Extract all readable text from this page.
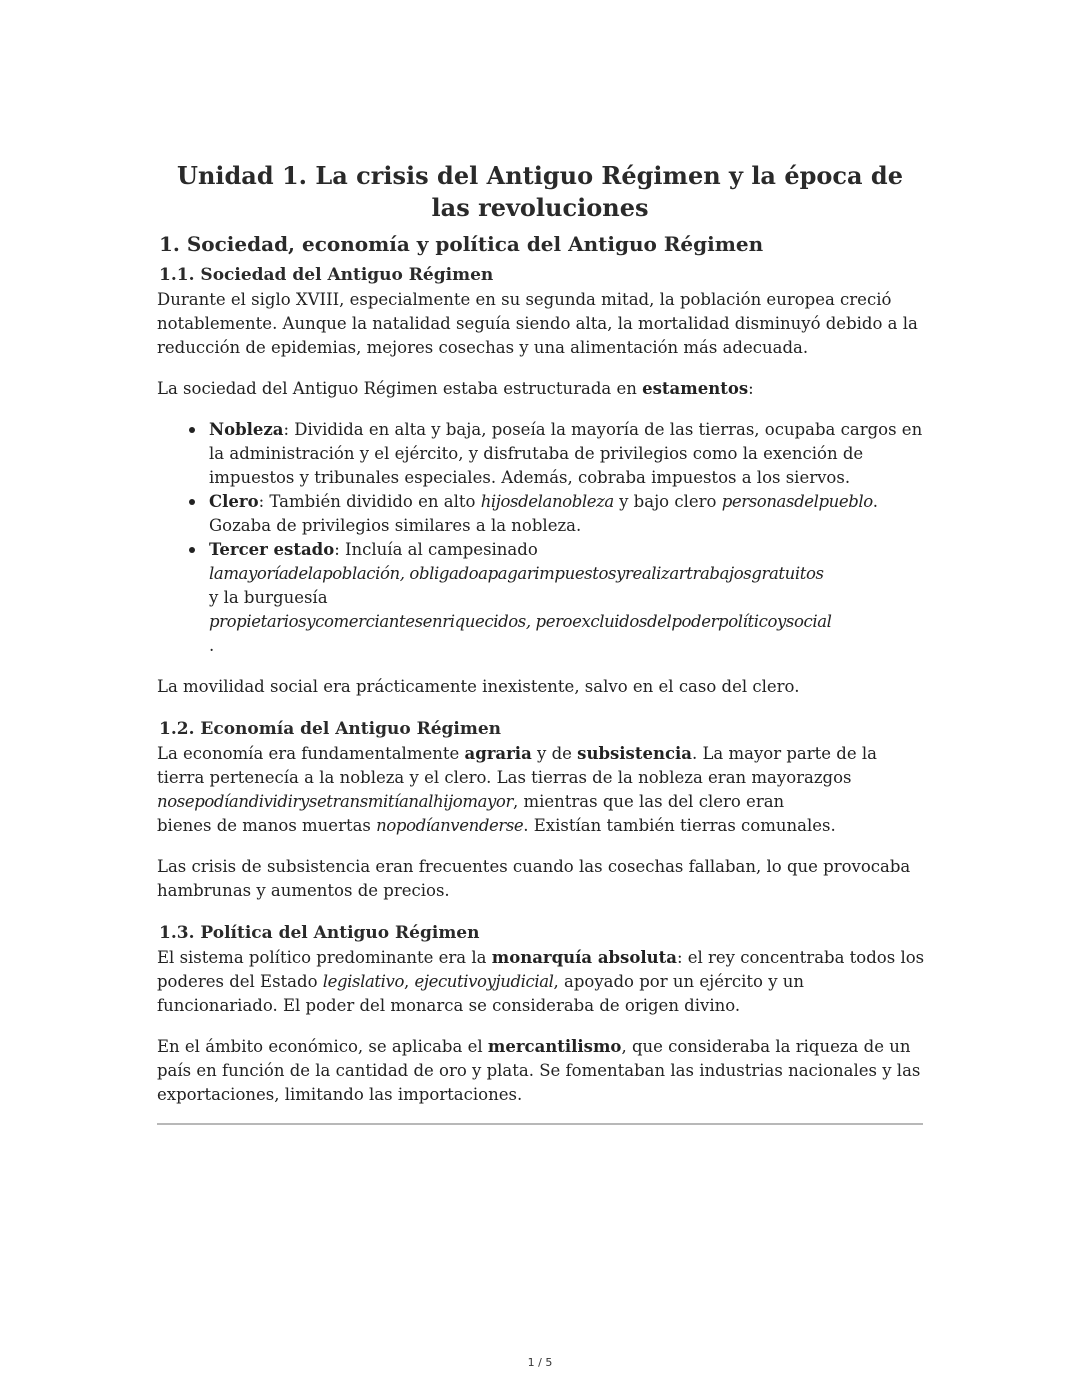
Unidad 1. La crisis del Antiguo Régimen y la época de las revoluciones
1. Sociedad, economía y política del Antiguo Régimen
1.1. Sociedad del Antiguo Régimen

Durante el siglo XVIII, especialmente en su segunda mitad, la población europea creció
notablemente. Aunque la natalidad seguía siendo alta, la mortalidad disminuyó debido a la
reducción de epidemias, mejores cosechas y una alimentación más adecuada.

La sociedad del Antiguo Régimen estaba estructurada en estamentos:

Nobleza: Dividida en alta y baja, poseía la mayoría de las tierras, ocupaba cargos en
la administración y el ejército, y disfrutaba de privilegios como la exención de
impuestos y tribunales especiales. Además, cobraba impuestos a los siervos.
Clero: También dividido en alto hijosdelanobleza y bajo clero personasdelpueblo.
Gozaba de privilegios similares a la nobleza.
Tercer estado: Incluía al campesinado
lamayoríadelapoblación, obligadoapagarimpuestosyrealizartrabajosgratuitos
y la burguesía
propietariosycomerciantesenriquecidos, peroexcluidosdelpoderpolíticoysocial
.

La movilidad social era prácticamente inexistente, salvo en el caso del clero.

1.2. Economía del Antiguo Régimen

La economía era fundamentalmente agraria y de subsistencia. La mayor parte de la
tierra pertenecía a la nobleza y el clero. Las tierras de la nobleza eran mayorazgos
nosepodíandividirysetransmitíanalhijomayor, mientras que las del clero eran
bienes de manos muertas nopodíanvenderse. Existían también tierras comunales.

Las crisis de subsistencia eran frecuentes cuando las cosechas fallaban, lo que provocaba
hambrunas y aumentos de precios.

1.3. Política del Antiguo Régimen

El sistema político predominante era la monarquía absoluta: el rey concentraba todos los
poderes del Estado legislativo, ejecutivoyjudicial, apoyado por un ejército y un
funcionariado. El poder del monarca se consideraba de origen divino.

En el ámbito económico, se aplicaba el mercantilismo, que consideraba la riqueza de un
país en función de la cantidad de oro y plata. Se fomentaban las industrias nacionales y las
exportaciones, limitando las importaciones.

1 / 5
